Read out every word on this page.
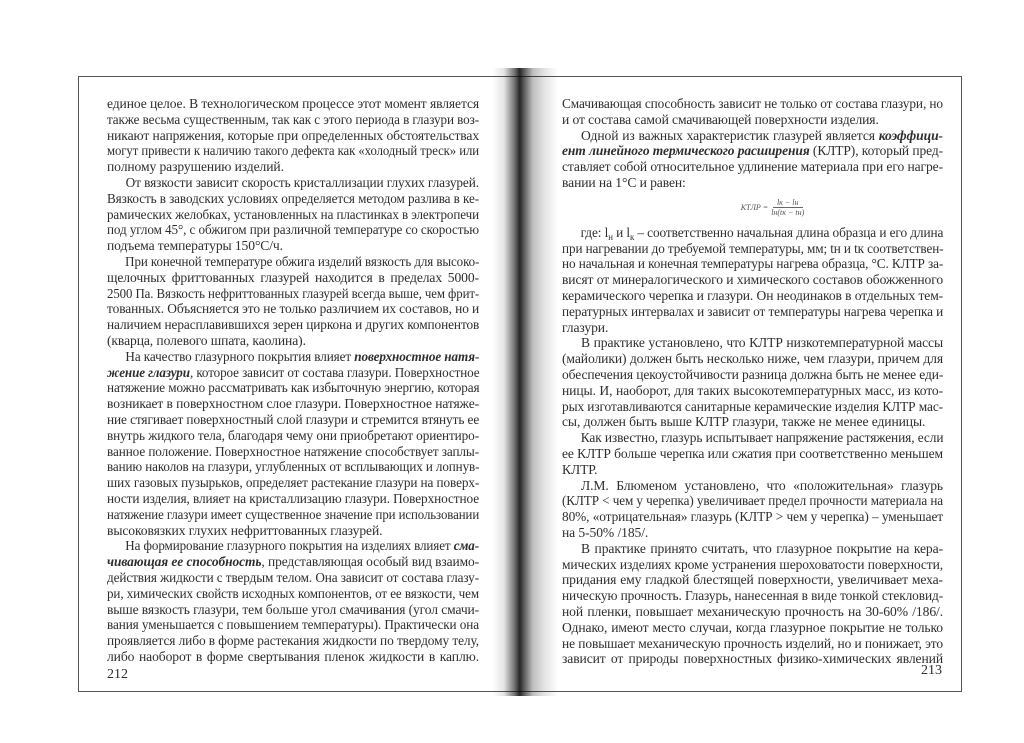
единое целое. В технологическом процессе этот момент является
также весьма существенным, так как с этого периода в глазури воз-
никают напряжения, которые при определенных обстоятельствах
могут привести к наличию такого дефекта как «холодный треск» или
полному разрушению изделий.
От вязкости зависит скорость кристаллизации глухих глазурей.
Вязкость в заводских условиях определяется методом разлива в ке-
рамических желобках, установленных на пластинках в электропечи
под углом 45°, с обжигом при различной температуре со скоростью
подъема температуры 150°С/ч.
При конечной температуре обжига изделий вязкость для высоко-
щелочных фриттованных глазурей находится в пределах 5000-
2500 Па. Вязкость нефриттованных глазурей всегда выше, чем фрит-
тованных. Объясняется это не только различием их составов, но и
наличием нерасплавившихся зерен циркона и других компонентов
(кварца, полевого шпата, каолина).
На качество глазурного покрытия влияет поверхностное натя-
жение глазури, которое зависит от состава глазури. Поверхностное
натяжение можно рассматривать как избыточную энергию, которая
возникает в поверхностном слое глазури. Поверхностное натяже-
ние стягивает поверхностный слой глазури и стремится втянуть ее
внутрь жидкого тела, благодаря чему они приобретают ориентиро-
ванное положение. Поверхностное натяжение способствует заплы-
ванию наколов на глазури, углубленных от всплывающих и лопнув-
ших газовых пузырьков, определяет растекание глазури на поверх-
ности изделия, влияет на кристаллизацию глазури. Поверхностное
натяжение глазури имеет существенное значение при использовании
высоковязких глухих нефриттованных глазурей.
На формирование глазурного покрытия на изделиях влияет сма-
чивающая ее способность, представляющая особый вид взаимо-
действия жидкости с твердым телом. Она зависит от состава глазу-
ри, химических свойств исходных компонентов, от ее вязкости, чем
выше вязкость глазури, тем больше угол смачивания (угол смачи-
вания уменьшается с повышением температуры). Практически она
проявляется либо в форме растекания жидкости по твердому телу,
либо наоборот в форме свертывания пленок жидкости в каплю.
Смачивающая способность зависит не только от состава глазури, но
и от состава самой смачивающей поверхности изделия.
Одной из важных характеристик глазурей является коэффици-
ент линейного термического расширения (КЛТР), который пред-
ставляет собой относительное удлинение материала при его нагре-
вании на 1°С и равен:
КТЛР = $\frac{lк - lн}{lн(tк - tн)}$
где: $l_н$ и $l_к$ – соответственно начальная длина образца и его длина
при нагревании до требуемой температуры, мм; tн и tк соответствен-
но начальная и конечная температуры нагрева образца, °С. КЛТР за-
висят от минералогического и химического составов обожженного
керамического черепка и глазури. Он неодинаков в отдельных тем-
пературных интервалах и зависит от температуры нагрева черепка и
глазури.
В практике установлено, что КЛТР низкотемпературной массы
(майолики) должен быть несколько ниже, чем глазури, причем для
обеспечения цекоустойчивости разница должна быть не менее еди-
ницы. И, наоборот, для таких высокотемпературных масс, из кото-
рых изготавливаются санитарные керамические изделия КЛТР мас-
сы, должен быть выше КЛТР глазури, также не менее единицы.
Как известно, глазурь испытывает напряжение растяжения, если
ее КЛТР больше черепка или сжатия при соответственно меньшем
КЛТР.
Л.М. Блюменом установлено, что «положительная» глазурь
(КЛТР < чем у черепка) увеличивает предел прочности материала на
80%, «отрицательная» глазурь (КЛТР > чем у черепка) – уменьшает
на 5-50% /185/.
В практике принято считать, что глазурное покрытие на кера-
мических изделиях кроме устранения шероховатости поверхности,
придания ему гладкой блестящей поверхности, увеличивает меха-
ническую прочность. Глазурь, нанесенная в виде тонкой стекловид-
ной пленки, повышает механическую прочность на 30-60% /186/.
Однако, имеют место случаи, когда глазурное покрытие не только
не повышает механическую прочность изделий, но и понижает, это
зависит от природы поверхностных физико-химических явлений
212	213
